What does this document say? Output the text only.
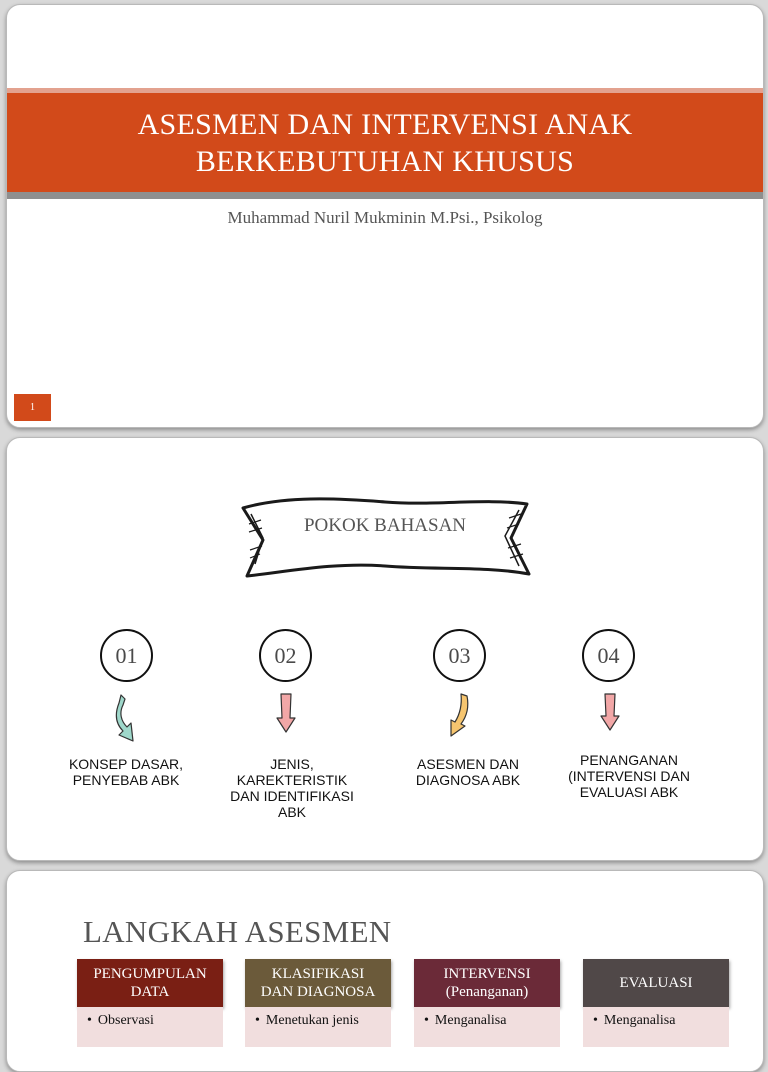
ASESMEN DAN INTERVENSI ANAK
BERKEBUTUHAN KHUSUS
Muhammad Nuril Mukminin M.Psi., Psikolog
1
POKOK BAHASAN
01
KONSEP DASAR,
PENYEBAB ABK
02
JENIS,
KAREKTERISTIK
DAN IDENTIFIKASI
ABK
03
ASESMEN DAN
DIAGNOSA ABK
04
PENANGANAN
(INTERVENSI DAN
EVALUASI ABK
LANGKAH ASESMEN
PENGUMPULAN
DATA
• Observasi
KLASIFIKASI
DAN DIAGNOSA
• Menetukan jenis
INTERVENSI
(Penanganan)
• Menganalisa
EVALUASI
• Menganalisa
